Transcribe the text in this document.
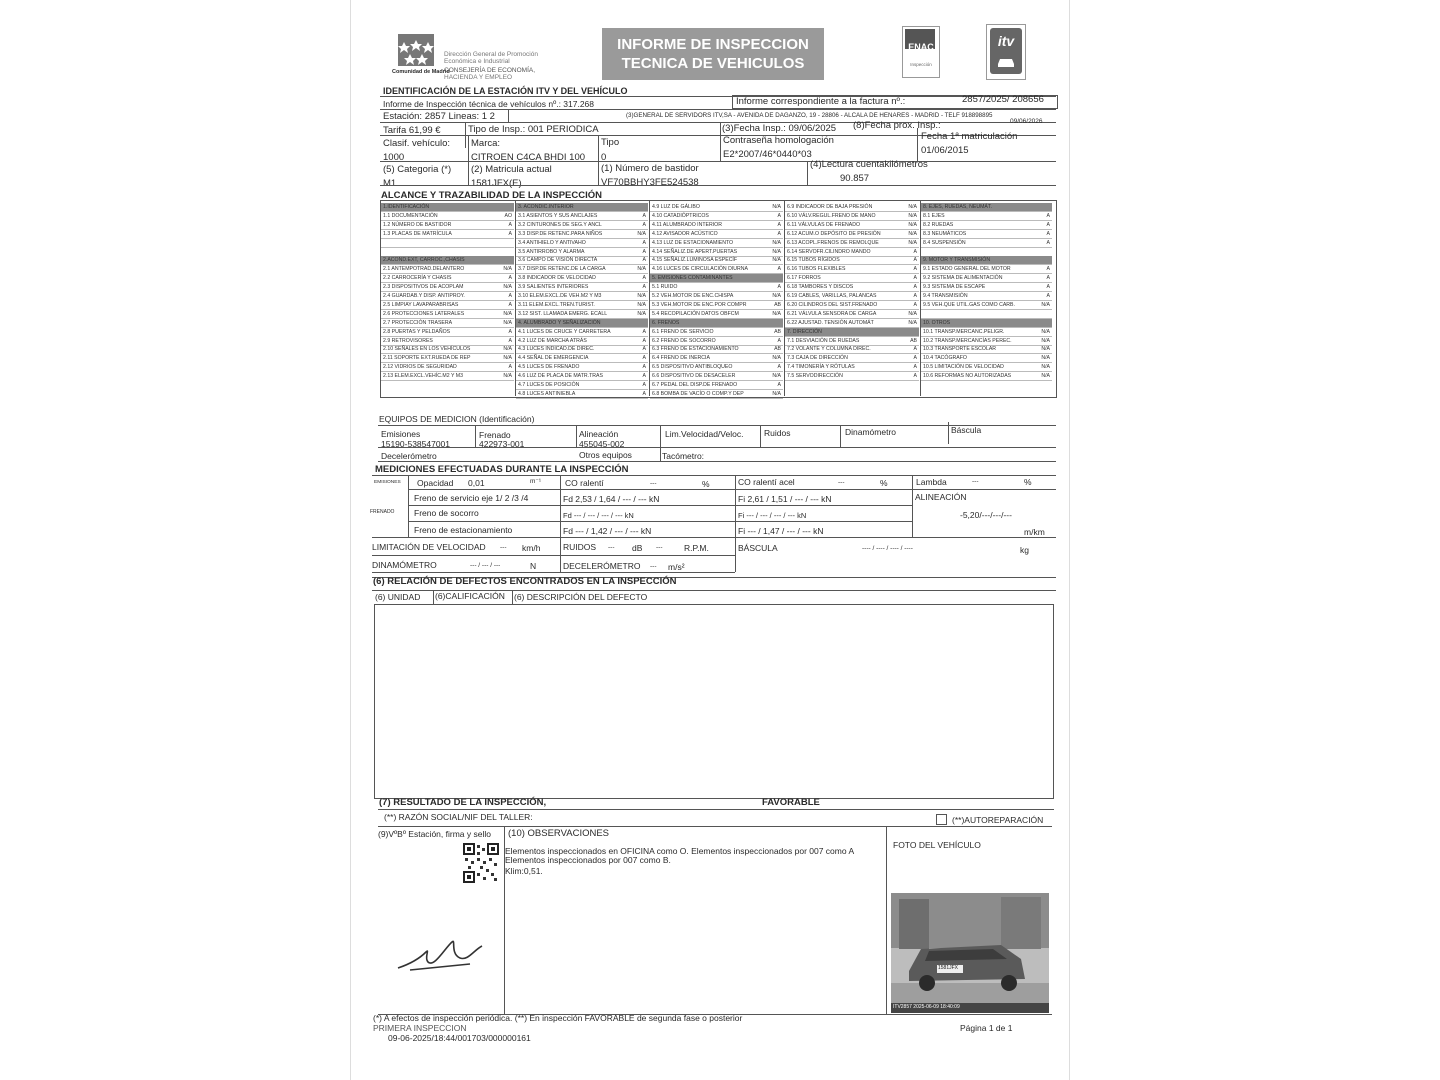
Comunidad de Madrid
Dirección General de Promoción
Económica e Industrial
CONSEJERÍA DE ECONOMÍA,
HACIENDA Y EMPLEO
INFORME DE INSPECCION
TECNICA DE VEHICULOS
ENAC
Inspección
itv
IDENTIFICACIÓN DE LA ESTACIÓN ITV Y DEL VEHÍCULO
Informe de Inspección técnica de vehículos nº.: 317.268	Informe correspondiente a la factura nº.:	2857/2025/ 208656
Estación: 2857 Lineas: 1 2	(3)GENERAL DE SERVIDORS ITV,SA - AVENIDA DE DAGANZO, 19 - 28806 - ALCALA DE HENARES - MADRID - TELF 918898895
Tarifa 61,99 €	Tipo de Insp.: 001 PERIODICA	(3)Fecha Insp.: 09/06/2025 (8)Fecha prox. Insp.:	09/06/2026
Clasif. vehículo:
1000
Marca:
CITROEN C4CA BHDI 100
Tipo
0
Contraseña homologación
E2*2007/46*0440*03
Fecha 1ª matriculación
01/06/2015
(5) Categoria (*)
M1
(2) Matricula actual
1581JFX(E)
(1) Número de bastidor
VF70BBHY3FE524538
(4)Lectura cuentakilómetros
90.857
ALCANCE Y TRAZABILIDAD DE LA INSPECCIÓN
EQUIPOS DE MEDICION (Identificación)
Emisiones
15190-538547001
Frenado
422973-001
Alineación
455045-002
Lim.Velocidad/Veloc. Ruidos	Dinamómetro	Báscula
Decelerómetro	Otros equipos	Tacómetro:
MEDICIONES EFECTUADAS DURANTE LA INSPECCIÓN
EMISIONES Opacidad 0,01	m⁻¹	CO ralentí	---	%	CO ralentí acel	---	%	Lambda	---	%
FRENADO
Freno de servicio eje 1/ 2 /3 /4	Fd 2,53 / 1,64 / --- / --- kN	Fi 2,61 / 1,51 / --- / --- kN	ALINEACIÓN
Freno de socorro	Fd --- / --- / --- / --- kN	Fi --- / --- / --- / --- kN	-5,20/---/---/---
m/km
Freno de estacionamiento	Fd --- / 1,42 / --- / --- kN	Fi --- / 1,47 / --- / --- kN
LIMITACIÓN DE VELOCIDAD --- km/h	RUIDOS --- dB ---	R.P.M.	BÁSCULA	---- / ---- / ---- / ----	kg
DINAMÓMETRO	--- / --- / ---	N	DECELERÓMETRO --- m/s²
(6) RELACIÓN DE DEFECTOS ENCONTRADOS EN LA INSPECCIÓN
(6) UNIDAD (6)CALIFICACIÓN (6) DESCRIPCIÓN DEL DEFECTO
(7) RESULTADO DE LA INSPECCIÓN,	FAVORABLE
(**) RAZÓN SOCIAL/NIF DEL TALLER:	(**)AUTOREPARACIÓN
(9)VºBº Estación, firma y sello (10) OBSERVACIONES
Elementos inspeccionados en OFICINA como O. Elementos inspeccionados por 007 como A
Elementos inspeccionados por 007 como B.
Klim:0,51.
FOTO DEL VEHÍCULO
1581JFX
ITV2857 2025-06-09 18:40:09
(*) A efectos de inspección periódica. (**) En inspección FAVORABLE de segunda fase o posterior
PRIMERA INSPECCION
09-06-2025/18:44/001703/000000161
Página 1 de 1
1.IDENTIFICACIÓN
1.1 DOCUMENTACIÓN	AO
1.2 NÚMERO DE BASTIDOR	A
1.3 PLACAS DE MATRÍCULA	A
2.ACOND.EXT, CARROC.,CHASIS
2.1 ANTEMPOTRAD.DELANTERO	N/A
2.2 CARROCERÍA Y CHASIS	A
2.3 DISPOSITIVOS DE ACOPLAM	N/A
2.4 GUARDAB.Y DISP. ANTIPROY.	A
2.5 LIMPIAY LAVAPARABRISAS	A
2.6 PROTECCIONES LATERALES	N/A
2.7 PROTECCIÓN TRASERA	N/A
2.8 PUERTAS Y PELDAÑOS	A
2.9 RETROVISORES	A
2.10 SEÑALES EN LOS VEHÍCULOS	N/A
2.11 SOPORTE EXT.RUEDA DE REP	N/A
2.12 VIDRIOS DE SEGURIDAD	A
2.13 ELEM.EXCL.VEHÍC.M2 Y M3	N/A
3. ACONDIC.INTERIOR
3.1 ASIENTOS Y SUS ANCLAJES	A
3.2 CINTURONES DE SEG.Y ANCL	A
3.3 DISP.DE RETENC.PARA NIÑOS	N/A
3.4 ANTIHIELO Y ANTIVAHO	A
3.5 ANTIRROBO Y ALARMA	A
3.6 CAMPO DE VISIÓN DIRECTA	A
3.7 DISP.DE RETENC.DE LA CARGA	N/A
3.8 INDICADOR DE VELOCIDAD	A
3.9 SALIENTES INTERIORES	A
3.10 ELEM.EXCL.DE VEH.M2 Y M3	N/A
3.11 ELEM.EXCL.TREN.TURIST.	N/A
3.12 SIST. LLAMADA EMERG. ECALL	N/A
4. ALUMBRADO Y SEÑALIZACIÓN
4.1 LUCES DE CRUCE Y CARRETERA	A
4.2 LUZ DE MARCHA ATRÁS	A
4.3 LUCES INDICAD.DE DIREC.	A
4.4 SEÑAL DE EMERGENCIA	A
4.5 LUCES DE FRENADO	A
4.6 LUZ DE PLACA DE MATR.TRAS	A
4.7 LUCES DE POSICIÓN	A
4.8 LUCES ANTINIEBLA	A
4.9 LUZ DE GÁLIBO	N/A
4.10 CATADIÓPTRICOS	A
4.11 ALUMBRADO INTERIOR	A
4.12 AVISADOR ACÚSTICO	A
4.13 LUZ DE ESTACIONAMIENTO	N/A
4.14 SEÑALIZ.DE APERT.PUERTAS	N/A
4.15 SEÑALIZ.LUMINOSA ESPECÍF	N/A
4.16 LUCES DE CIRCULACIÓN DIURNA	A
5. EMISIONES CONTAMINANTES
5.1 RUIDO	A
5.2 VEH.MOTOR DE ENC.CHISPA	N/A
5.3 VEH.MOTOR DE ENC.POR COMPR	AB
5.4 RECOPILACIÓN DATOS OBFCM	N/A
6. FRENOS
6.1 FRENO DE SERVICIO	AB
6.2 FRENO DE SOCORRO	A
6.3 FRENO DE ESTACIONAMIENTO	AB
6.4 FRENO DE INERCIA	N/A
6.5 DISPOSITIVO ANTIBLOQUEO	A
6.6 DISPOSITIVO DE DESACELER	N/A
6.7 PEDAL DEL DISP.DE FRENADO	A
6.8 BOMBA DE VACÍO O COMP.Y DEP	N/A
6.9 INDICADOR DE BAJA PRESIÓN	N/A
6.10 VÁLV.REGUL.FRENO DE MANO	N/A
6.11 VÁLVULAS DE FRENADO	N/A
6.12 ACUM.O DEPÓSITO DE PRESIÓN	N/A
6.13 ACOPL.FRENOS DE REMOLQUE	N/A
6.14 SERVOFR.CILINDRO MANDO	A
6.15 TUBOS RÍGIDOS	A
6.16 TUBOS FLEXIBLES	A
6.17 FORROS	A
6.18 TAMBORES Y DISCOS	A
6.19 CABLES, VARILLAS, PALANCAS	A
6.20 CILINDROS DEL SIST.FRENADO	A
6.21 VÁLVULA SENSORA DE CARGA	N/A
6.22 AJUSTAD. TENSIÓN AUTOMÁT	N/A
7. DIRECCIÓN
7.1 DESVIACIÓN DE RUEDAS	AB
7.2 VOLANTE Y COLUMNA DIREC.	A
7.3 CAJA DE DIRECCIÓN	A
7.4 TIMONERÍA Y RÓTULAS	A
7.5 SERVODIRECCIÓN	A
8. EJES, RUEDAS, NEUMÁT.
8.1 EJES	A
8.2 RUEDAS	A
8.3 NEUMÁTICOS	A
8.4 SUSPENSIÓN	A
9. MOTOR Y TRANSMISIÓN
9.1 ESTADO GENERAL DEL MOTOR	A
9.2 SISTEMA DE ALIMENTACIÓN	A
9.3 SISTEMA DE ESCAPE	A
9.4 TRANSMISIÓN	A
9.5 VEH.QUE UTIL.GAS COMO CARB.	N/A
10. OTROS
10.1 TRANSP.MERCANC.PELIGR.	N/A
10.2 TRANSP.MERCANCÍAS PEREC.	N/A
10.3 TRANSPORTE ESCOLAR	N/A
10.4 TACÓGRAFO	N/A
10.5 LIMITACIÓN DE VELOCIDAD	N/A
10.6 REFORMAS NO AUTORIZADAS	N/A
